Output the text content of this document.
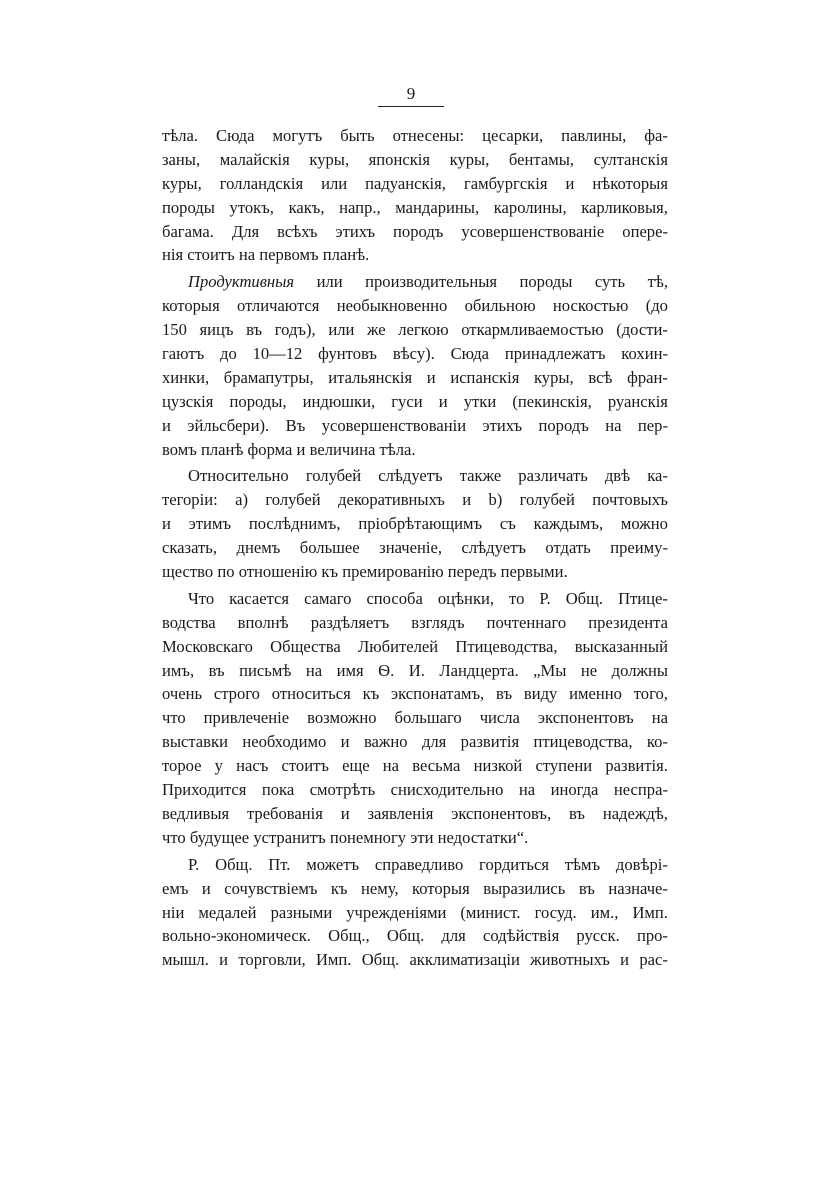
9
тѣла. Сюда могутъ быть отнесены: цесарки, павлины, фа-
заны, малайскія куры, японскія куры, бентамы, султанскія
куры, голландскія или падуанскія, гамбургскія и нѣкоторыя
породы утокъ, какъ, напр., мандарины, каролины, карликовыя,
багама. Для всѣхъ этихъ породъ усовершенствованіе опере-
нія
стоитъ
на
первомъ
планѣ.
Продуктивныя или производительныя породы суть тѣ,
которыя отличаются необыкновенно обильною носкостью (до
150 яицъ въ годъ), или же легкою откармливаемостью (дости-
гаютъ до 10—12 фунтовъ вѣсу). Сюда принадлежатъ кохин-
хинки, брамапутры, итальянскія и испанскія куры, всѣ фран-
цузскія породы, индюшки, гуси и утки (пекинскія, руанскія
и эйльсбери). Въ усовершенствованіи этихъ породъ на пер-
вомъ
планѣ
форма
и
величина
тѣла.
Относительно голубей слѣдуетъ также различать двѣ ка-
тегоріи: а) голубей декоративныхъ и b) голубей почтовыхъ
и этимъ послѣднимъ, пріобрѣтающимъ съ каждымъ, можно
сказать, днемъ большее значеніе, слѣдуетъ отдать преиму-
щество
по
отношенію
къ
премированію
передъ
первыми.
Что касается самаго способа оцѣнки, то Р. Общ. Птице-
водства вполнѣ раздѣляетъ взглядъ почтеннаго президента
Московскаго Общества Любителей Птицеводства, высказанный
имъ, въ письмѣ на имя Ѳ. И. Ландцерта. „Мы не должны
очень строго относиться къ экспонатамъ, въ виду именно того,
что привлеченіе возможно большаго числа экспонентовъ на
выставки необходимо и важно для развитія птицеводства, ко-
торое у насъ стоитъ еще на весьма низкой ступени развитія.
Приходится пока смотрѣть снисходительно на иногда неспра-
ведливыя требованія и заявленія экспонентовъ, въ надеждѣ,
что
будущее
устранитъ
понемногу
эти
недостатки“.
Р. Общ. Пт. можетъ справедливо гордиться тѣмъ довѣрі-
емъ и сочувствіемъ къ нему, которыя выразились въ назначе-
ніи медалей разными учрежденіями (минист. госуд. им., Имп.
вольно-экономическ. Общ., Общ. для содѣйствія русск. про-
мышл. и торговли, Имп. Общ. акклиматизаціи животныхъ и рас-
